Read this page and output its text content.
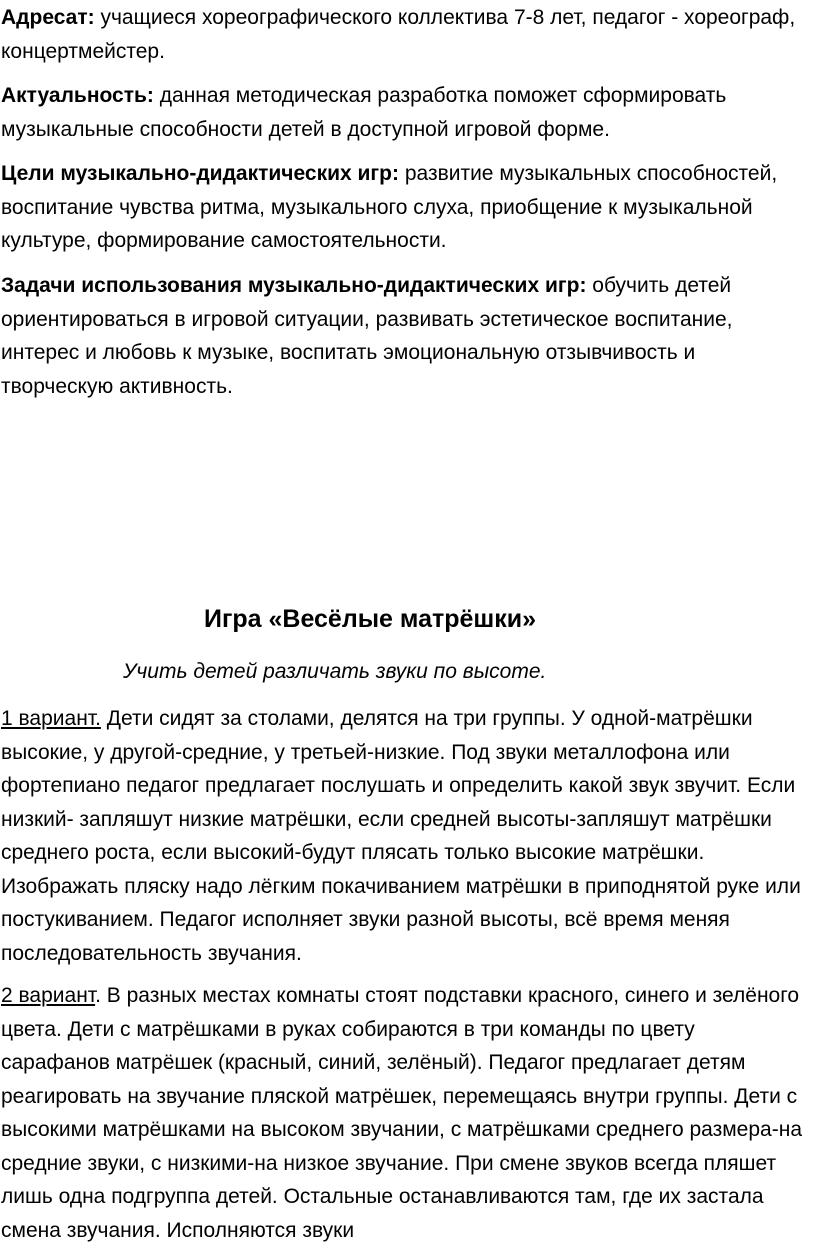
Адресат: учащиеся хореографического коллектива 7-8 лет, педагог - хореограф, концертмейстер.

Актуальность: данная методическая разработка поможет сформировать музыкальные способности детей в доступной игровой форме.

Цели музыкально-дидактических игр: развитие музыкальных способностей, воспитание чувства ритма, музыкального слуха, приобщение к музыкальной культуре, формирование самостоятельности.

Задачи использования музыкально-дидактических игр: обучить детей ориентироваться в игровой ситуации, развивать эстетическое воспитание, интерес и любовь к музыке, воспитать эмоциональную отзывчивость и творческую активность.

Игра «Весёлые матрёшки»

Учить детей различать звуки по высоте.

1 вариант. Дети сидят за столами, делятся на три группы. У одной-матрёшки высокие, у другой-средние, у третьей-низкие. Под звуки металлофона или фортепиано педагог предлагает послушать и определить какой звук звучит. Если низкий- запляшут низкие матрёшки, если средней высоты-запляшут матрёшки среднего роста, если высокий-будут плясать только высокие матрёшки. Изображать пляску надо лёгким покачиванием матрёшки в приподнятой руке или постукиванием. Педагог исполняет звуки разной высоты, всё время меняя последовательность звучания.

2 вариант. В разных местах комнаты стоят подставки красного, синего и зелёного цвета. Дети с матрёшками в руках собираются в три команды по цвету сарафанов матрёшек (красный, синий, зелёный). Педагог предлагает детям реагировать на звучание пляской матрёшек, перемещаясь внутри группы. Дети с высокими матрёшками на высоком звучании, с матрёшками среднего размера-на средние звуки, с низкими-на низкое звучание. При смене звуков всегда пляшет лишь одна подгруппа детей. Остальные останавливаются там, где их застала смена звучания. Исполняются звуки
